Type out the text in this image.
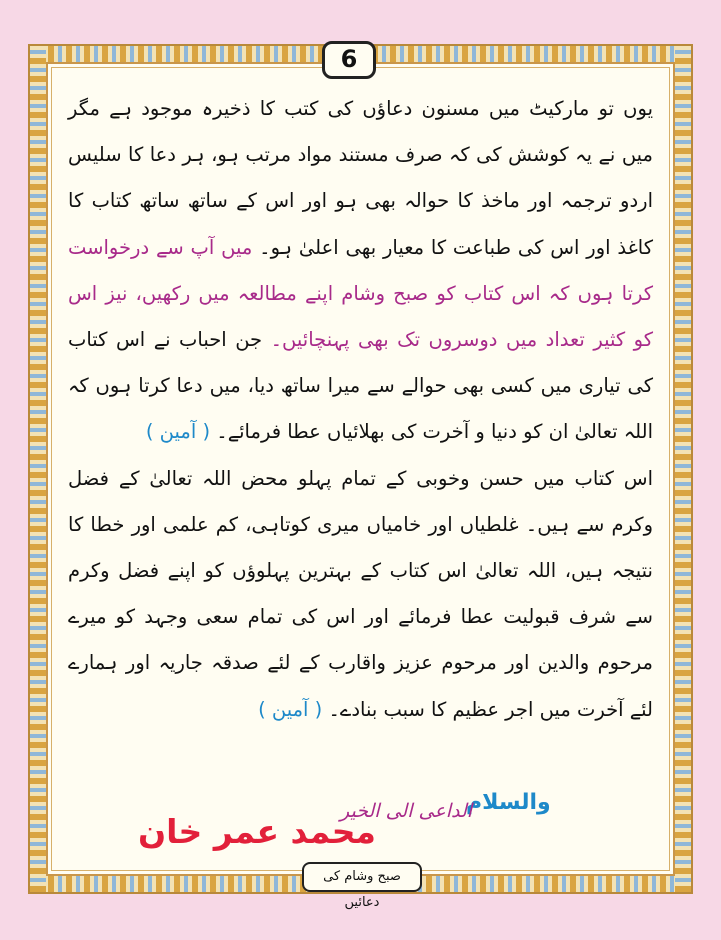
6

یوں تو مارکیٹ میں مسنون دعاؤں کی کتب کا ذخیرہ موجود ہے مگر میں نے یہ کوشش کی کہ صرف مستند مواد مرتب ہو، ہر دعا کا سلیس اردو ترجمہ اور ماخذ کا حوالہ بھی ہو اور اس کے ساتھ ساتھ کتاب کا کاغذ اور اس کی طباعت کا معیار بھی اعلیٰ ہو۔ میں آپ سے درخواست کرتا ہوں کہ اس کتاب کو صبح وشام اپنے مطالعہ میں رکھیں، نیز اس کو کثیر تعداد میں دوسروں تک بھی پہنچائیں۔ جن احباب نے اس کتاب کی تیاری میں کسی بھی حوالے سے میرا ساتھ دیا، میں دعا کرتا ہوں کہ اللہ تعالیٰ ان کو دنیا و آخرت کی بھلائیاں عطا فرمائے۔ ( آمین )

اس کتاب میں حسن وخوبی کے تمام پہلو محض اللہ تعالیٰ کے فضل وکرم سے ہیں۔ غلطیاں اور خامیاں میری کوتاہی، کم علمی اور خطا کا نتیجہ ہیں، اللہ تعالیٰ اس کتاب کے بہترین پہلوؤں کو اپنے فضل وکرم سے شرف قبولیت عطا فرمائے اور اس کی تمام سعی وجہد کو میرے مرحوم والدین اور مرحوم عزیز واقارب کے لئے صدقہ جاریہ اور ہمارے لئے آخرت میں اجر عظیم کا سبب بنادے۔ ( آمین )

والسلام
الداعی الی الخیر
محمد عمر خان
صبح وشام کی دعائیں
